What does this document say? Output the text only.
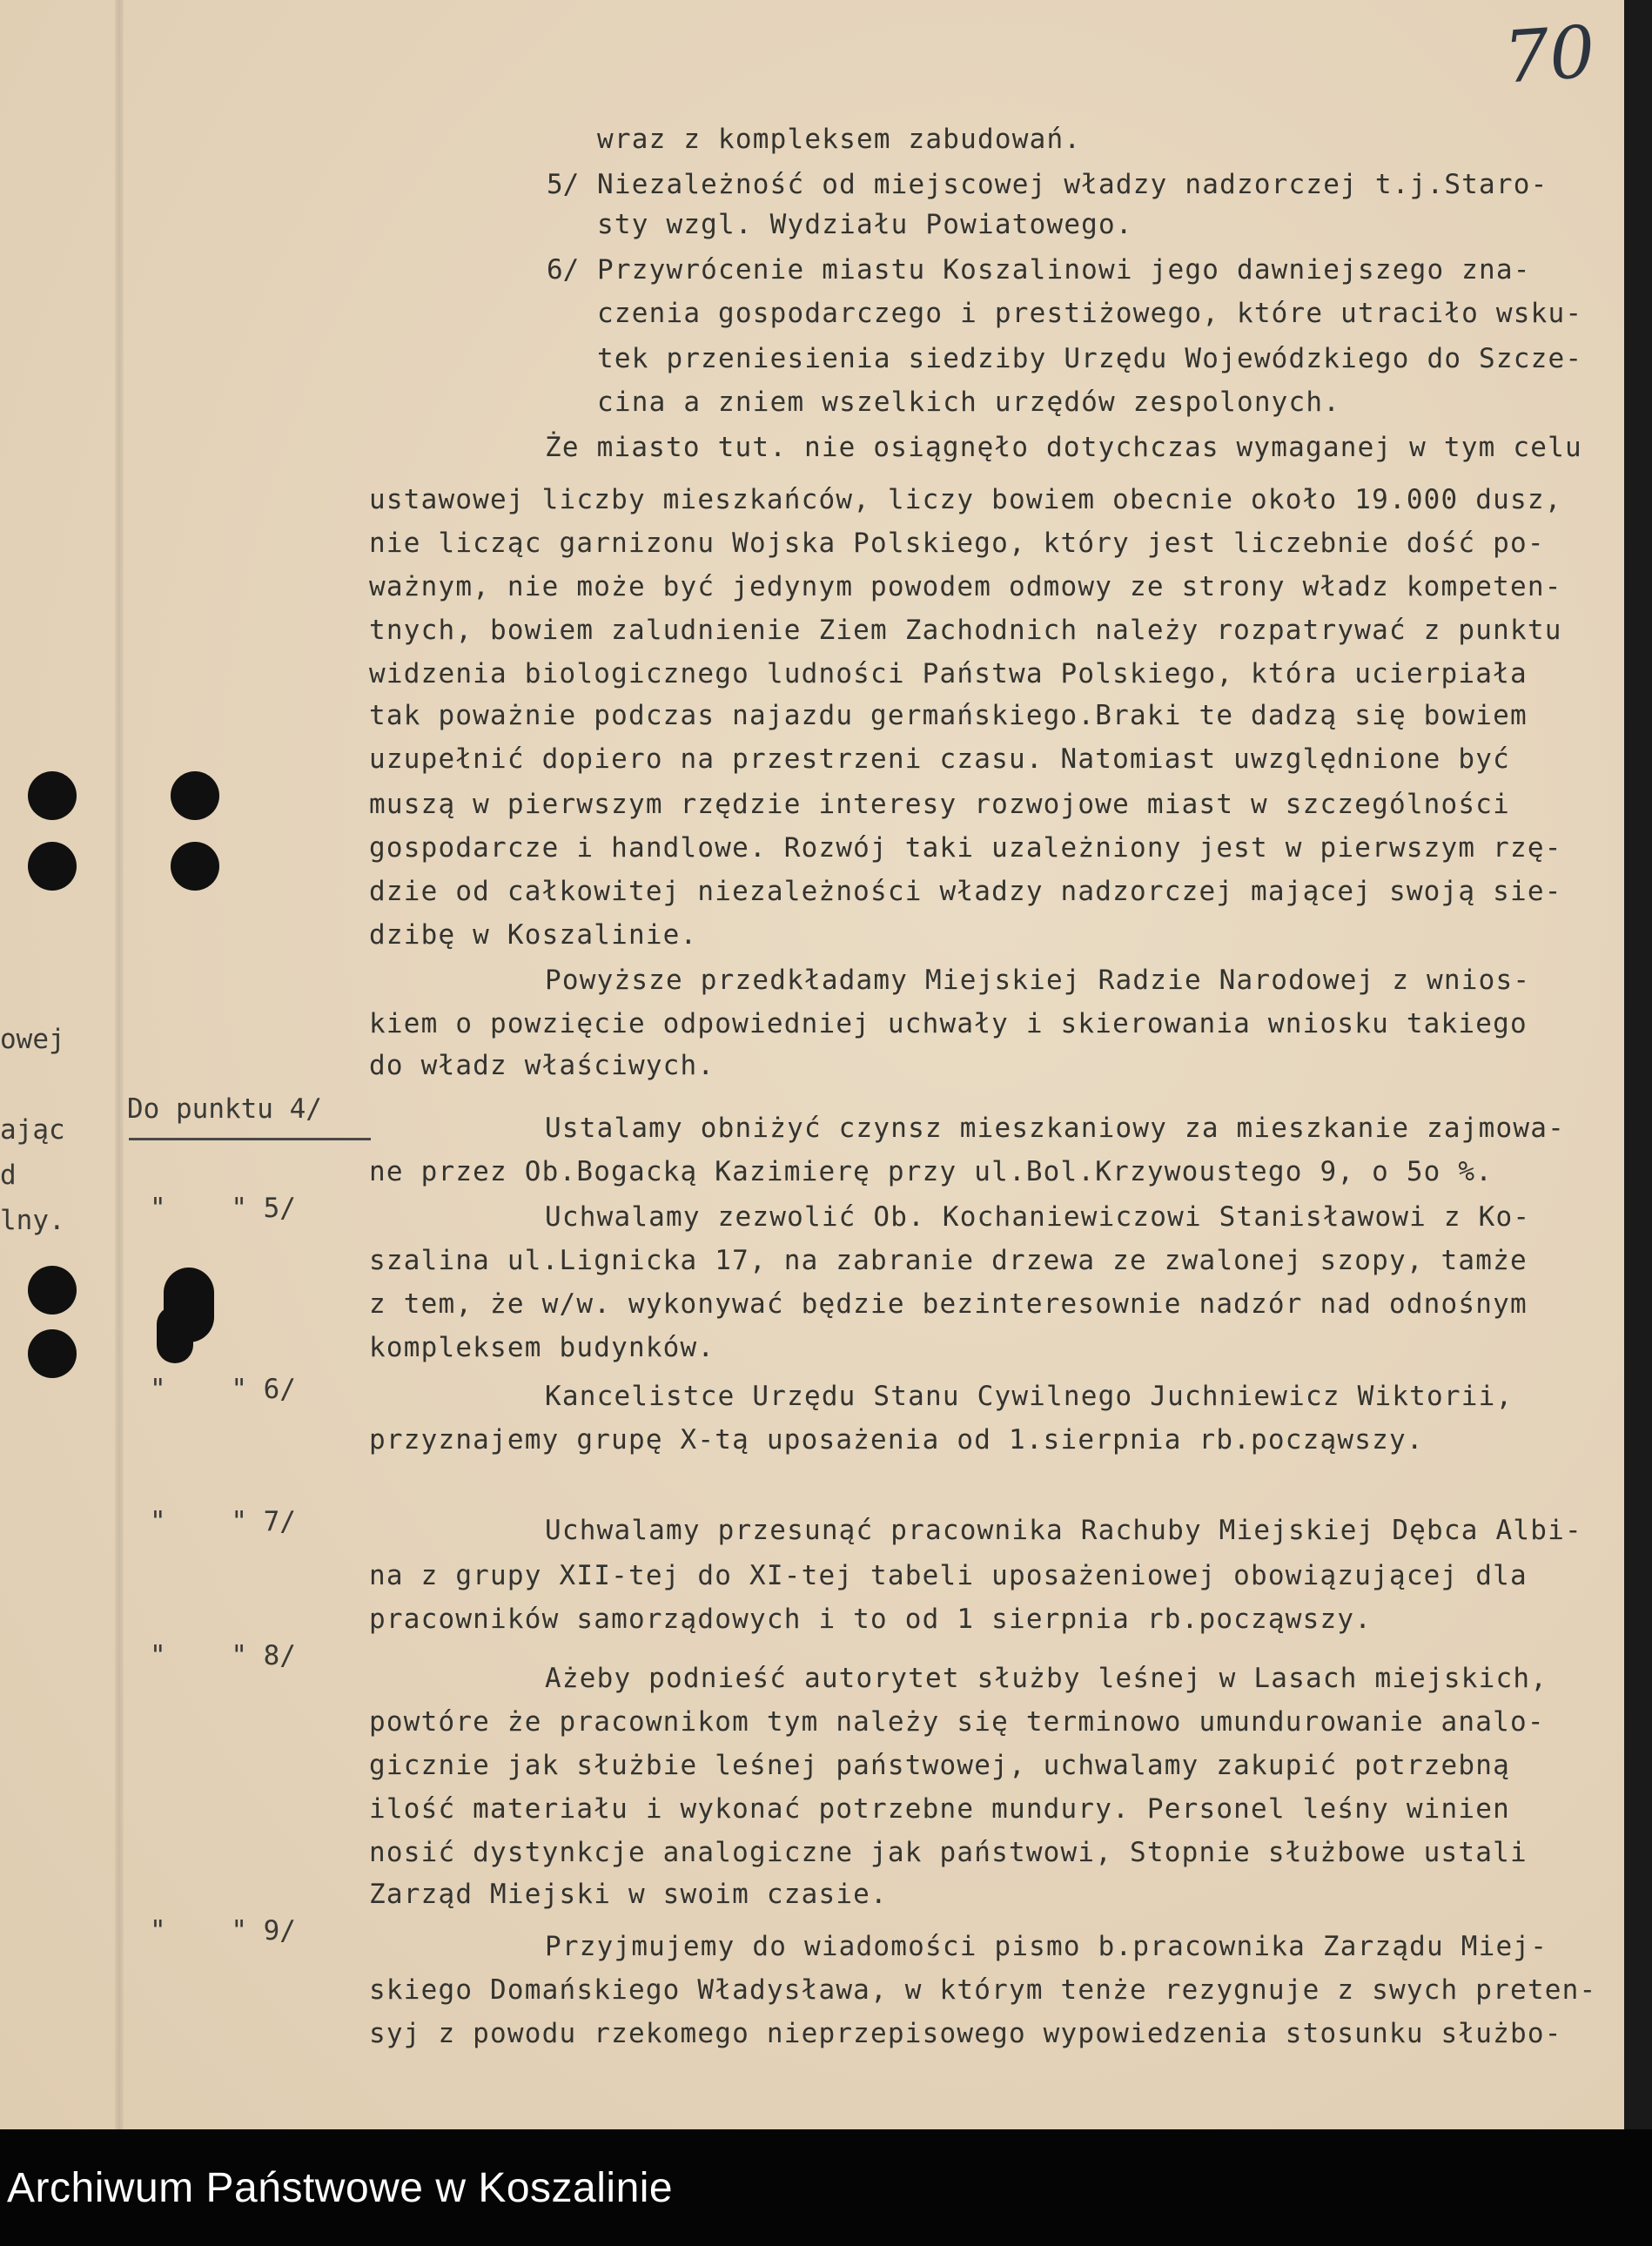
70
owej
ając
d
lny.
Do punktu 4/
"    " 5/
"    " 6/
"    " 7/
"    " 8/
"    " 9/
5/
6/
wraz z kompleksem zabudowań.
Niezależność od miejscowej władzy nadzorczej t.j.Staro-
sty wzgl. Wydziału Powiatowego.
Przywrócenie miastu Koszalinowi jego dawniejszego zna-
czenia gospodarczego i prestiżowego, które utraciło wsku-
tek przeniesienia siedziby Urzędu Wojewódzkiego do Szcze-
cina a zniem wszelkich urzędów zespolonych.
Że miasto tut. nie osiągnęło dotychczas wymaganej w tym celu
ustawowej liczby mieszkańców, liczy bowiem obecnie około 19.000 dusz,
nie licząc garnizonu Wojska Polskiego, który jest liczebnie dość po-
ważnym, nie może być jedynym powodem odmowy ze strony władz kompeten-
tnych, bowiem zaludnienie Ziem Zachodnich należy rozpatrywać z punktu
widzenia biologicznego ludności Państwa Polskiego, która ucierpiała
tak poważnie podczas najazdu germańskiego.Braki te dadzą się bowiem
uzupełnić dopiero na przestrzeni czasu. Natomiast uwzględnione być
muszą w pierwszym rzędzie interesy rozwojowe miast w szczególności
gospodarcze i handlowe. Rozwój taki uzależniony jest w pierwszym rzę-
dzie od całkowitej niezależności władzy nadzorczej mającej swoją sie-
dzibę w Koszalinie.
Powyższe przedkładamy Miejskiej Radzie Narodowej z wnios-
kiem o powzięcie odpowiedniej uchwały i skierowania wniosku takiego
do władz właściwych.
Ustalamy obniżyć czynsz mieszkaniowy za mieszkanie zajmowa-
ne przez Ob.Bogacką Kazimierę przy ul.Bol.Krzywoustego 9, o 5o %.
Uchwalamy zezwolić Ob. Kochaniewiczowi Stanisławowi z Ko-
szalina ul.Lignicka 17, na zabranie drzewa ze zwalonej szopy, tamże
z tem, że w/w. wykonywać będzie bezinteresownie nadzór nad odnośnym
kompleksem budynków.
Kancelistce Urzędu Stanu Cywilnego Juchniewicz Wiktorii,
przyznajemy grupę X-tą uposażenia od 1.sierpnia rb.począwszy.
Uchwalamy przesunąć pracownika Rachuby Miejskiej Dębca Albi-
na z grupy XII-tej do XI-tej tabeli uposażeniowej obowiązującej dla
pracowników samorządowych i to od 1 sierpnia rb.począwszy.
Ażeby podnieść autorytet służby leśnej w Lasach miejskich,
powtóre że pracownikom tym należy się terminowo umundurowanie analo-
gicznie jak służbie leśnej państwowej, uchwalamy zakupić potrzebną
ilość materiału i wykonać potrzebne mundury. Personel leśny winien
nosić dystynkcje analogiczne jak państwowi, Stopnie służbowe ustali
Zarząd Miejski w swoim czasie.
Przyjmujemy do wiadomości pismo b.pracownika Zarządu Miej-
skiego Domańskiego Władysława, w którym tenże rezygnuje z swych preten-
syj z powodu rzekomego nieprzepisowego wypowiedzenia stosunku służbo-
Archiwum Państwowe w Koszalinie
